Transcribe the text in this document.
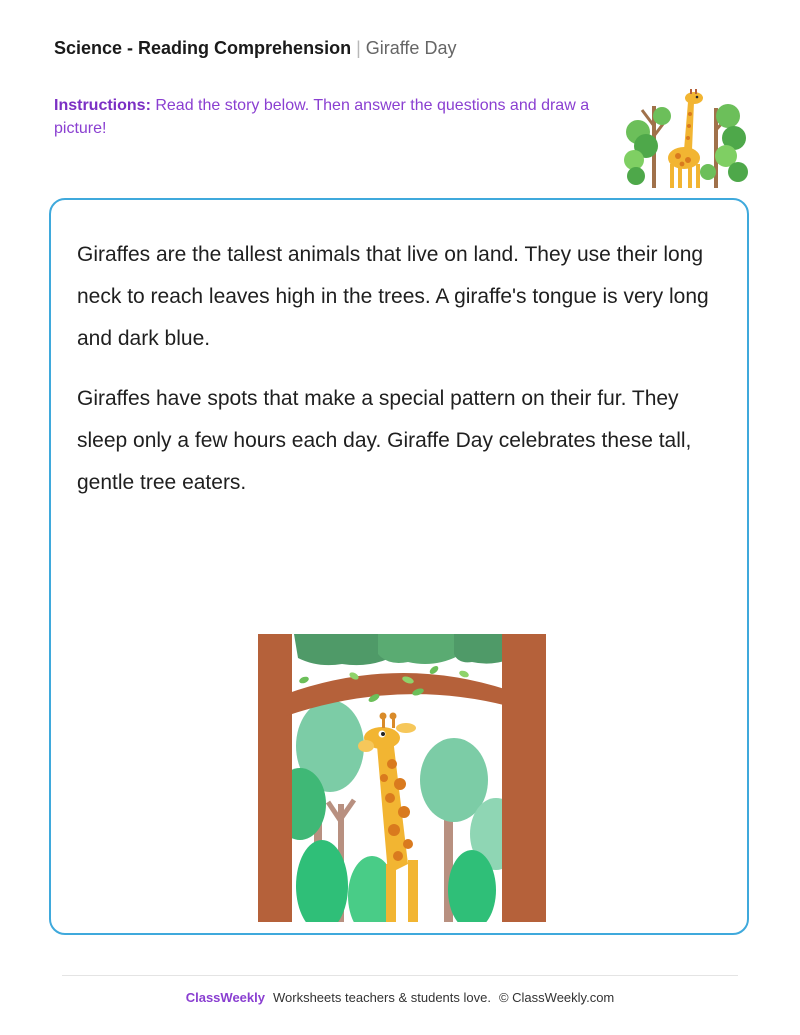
Science - Reading Comprehension | Giraffe Day
Instructions: Read the story below. Then answer the questions and draw a picture!

Giraffes are the tallest animals that live on land. They use their long neck to reach leaves high in the trees. A giraffe's tongue is very long and dark blue.

Giraffes have spots that make a special pattern on their fur. They sleep only a few hours each day. Giraffe Day celebrates these tall, gentle tree eaters.

ClassWeekly Worksheets teachers & students love. © ClassWeekly.com
